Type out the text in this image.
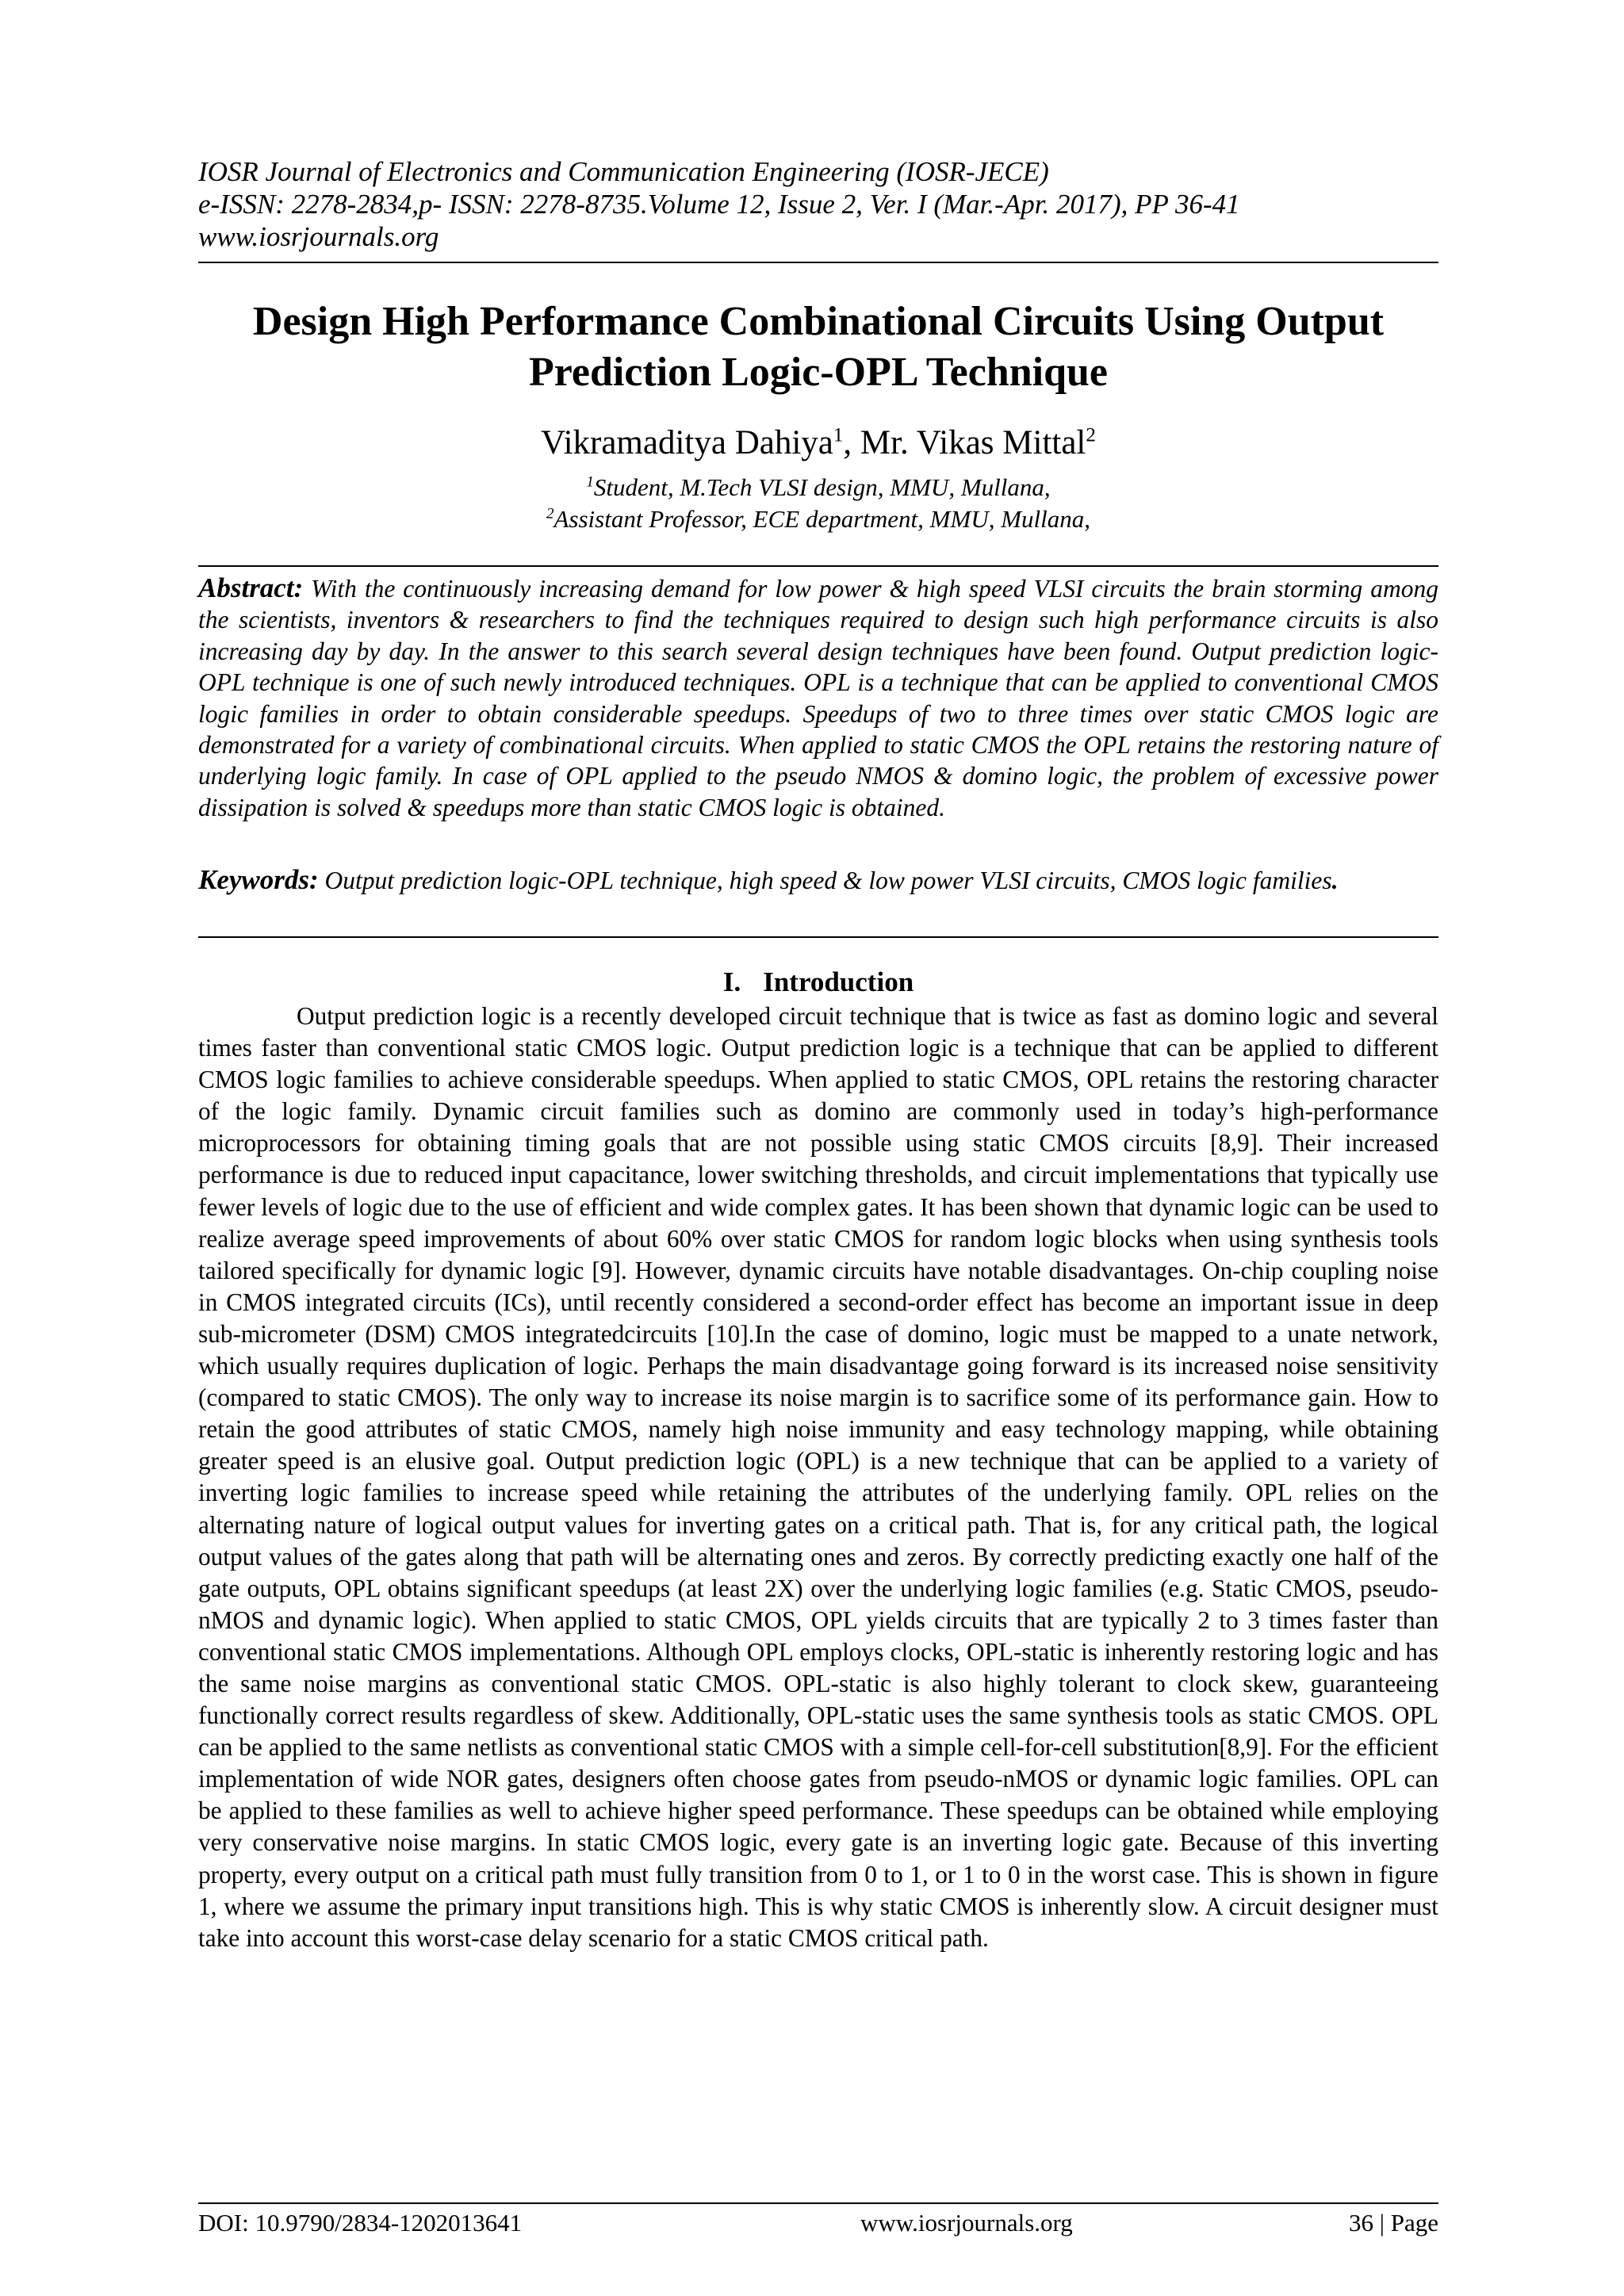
IOSR Journal of Electronics and Communication Engineering (IOSR-JECE)
e-ISSN: 2278-2834,p- ISSN: 2278-8735.Volume 12, Issue 2, Ver. I (Mar.-Apr. 2017), PP 36-41
www.iosrjournals.org
Design High Performance Combinational Circuits Using Output
Prediction Logic-OPL Technique
Vikramaditya Dahiya$^1$, Mr. Vikas Mittal$^2$
$^1$Student, M.Tech VLSI design, MMU, Mullana,
$^2$Assistant Professor, ECE department, MMU, Mullana,
Abstract: With the continuously increasing demand for low power & high speed VLSI circuits the brain storming among the scientists, inventors & researchers to find the techniques required to design such high performance circuits is also increasing day by day. In the answer to this search several design techniques have been found. Output prediction logic-OPL technique is one of such newly introduced techniques. OPL is a technique that can be applied to conventional CMOS logic families in order to obtain considerable speedups. Speedups of two to three times over static CMOS logic are demonstrated for a variety of combinational circuits. When applied to static CMOS the OPL retains the restoring nature of underlying logic family. In case of OPL applied to the pseudo NMOS & domino logic, the problem of excessive power dissipation is solved & speedups more than static CMOS logic is obtained.
Keywords: Output prediction logic-OPL technique, high speed & low power VLSI circuits, CMOS logic families.
I. Introduction
Output prediction logic is a recently developed circuit technique that is twice as fast as domino logic and several times faster than conventional static CMOS logic. Output prediction logic is a technique that can be applied to different CMOS logic families to achieve considerable speedups. When applied to static CMOS, OPL retains the restoring character of the logic family. Dynamic circuit families such as domino are commonly used in today’s high-performance microprocessors for obtaining timing goals that are not possible using static CMOS circuits [8,9]. Their increased performance is due to reduced input capacitance, lower switching thresholds, and circuit implementations that typically use fewer levels of logic due to the use of efficient and wide complex gates. It has been shown that dynamic logic can be used to realize average speed improvements of about 60% over static CMOS for random logic blocks when using synthesis tools tailored specifically for dynamic logic [9]. However, dynamic circuits have notable disadvantages. On-chip coupling noise in CMOS integrated circuits (ICs), until recently considered a second-order effect has become an important issue in deep sub-micrometer (DSM) CMOS integratedcircuits [10].In the case of domino, logic must be mapped to a unate network, which usually requires duplication of logic. Perhaps the main disadvantage going forward is its increased noise sensitivity (compared to static CMOS). The only way to increase its noise margin is to sacrifice some of its performance gain. How to retain the good attributes of static CMOS, namely high noise immunity and easy technology mapping, while obtaining greater speed is an elusive goal. Output prediction logic (OPL) is a new technique that can be applied to a variety of inverting logic families to increase speed while retaining the attributes of the underlying family. OPL relies on the alternating nature of logical output values for inverting gates on a critical path. That is, for any critical path, the logical output values of the gates along that path will be alternating ones and zeros. By correctly predicting exactly one half of the gate outputs, OPL obtains significant speedups (at least 2X) over the underlying logic families (e.g. Static CMOS, pseudo-nMOS and dynamic logic). When applied to static CMOS, OPL yields circuits that are typically 2 to 3 times faster than conventional static CMOS implementations. Although OPL employs clocks, OPL-static is inherently restoring logic and has the same noise margins as conventional static CMOS. OPL-static is also highly tolerant to clock skew, guaranteeing functionally correct results regardless of skew. Additionally, OPL-static uses the same synthesis tools as static CMOS. OPL can be applied to the same netlists as conventional static CMOS with a simple cell-for-cell substitution[8,9]. For the efficient implementation of wide NOR gates, designers often choose gates from pseudo-nMOS or dynamic logic families. OPL can be applied to these families as well to achieve higher speed performance. These speedups can be obtained while employing very conservative noise margins. In static CMOS logic, every gate is an inverting logic gate. Because of this inverting property, every output on a critical path must fully transition from 0 to 1, or 1 to 0 in the worst case. This is shown in figure 1, where we assume the primary input transitions high. This is why static CMOS is inherently slow. A circuit designer must take into account this worst-case delay scenario for a static CMOS critical path.
DOI: 10.9790/2834-1202013641	www.iosrjournals.org	36 | Page
